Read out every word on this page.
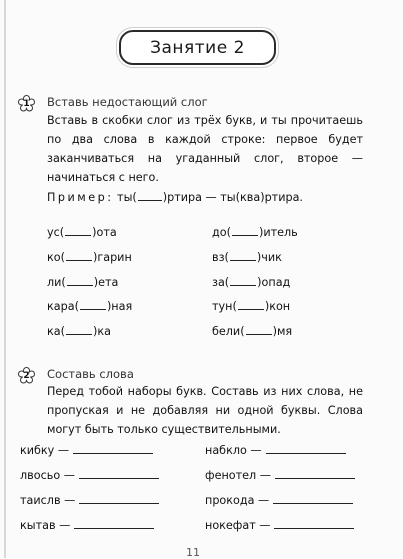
Занятие 2
1 Вставь недостающий слог
Вставь в скобки слог из трёх букв, и ты прочитаешь по два слова в каждой строке: первое будет заканчиваться на угаданный слог, второе — начинаться с него.
Пример: ты( )ртира — ты(ква)ртира.
ус(	)ота	до(	)итель
ко(	)гарин	вз(	)чик
ли(	)ета	за(	)опад
кара(	)ная	тун(	)кон
ка(	)ка	бели(	)мя
2 Составь слова
Перед тобой наборы букв. Составь из них слова, не пропуская и не добавляя ни одной буквы. Слова могут быть только существительными.
кибку —	набкло —
лвосьо —	фенотел —
таислв —	прокода —
кытав —	нокефат —
11
